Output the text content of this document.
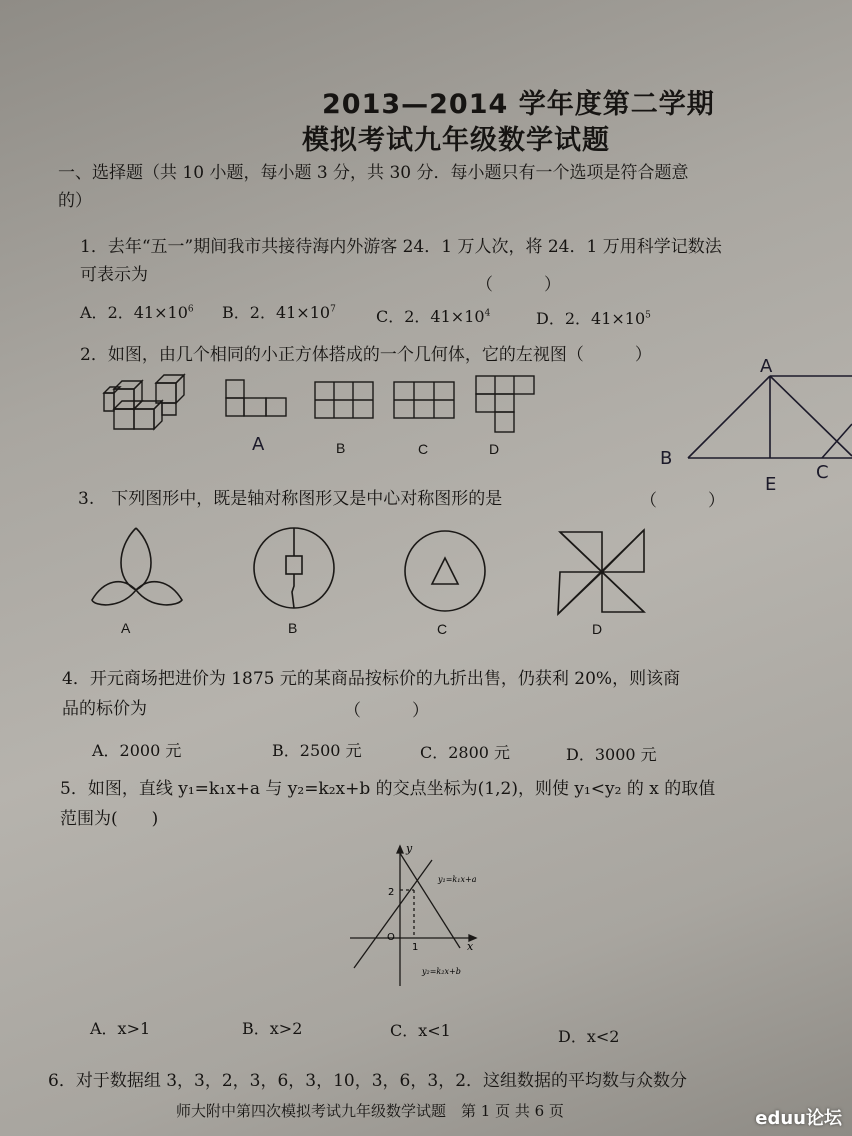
2013—2014 学年度第二学期
模拟考试九年级数学试题
一、选择题（共 10 小题，每小题 3 分，共 30 分．每小题只有一个选项是符合题意
的）
1．去年“五一”期间我市共接待海内外游客 24．1 万人次，将 24．1 万用科学记数法
可表示为	（　　　）
A．2．$41\times 10^6$ B．2．$41\times 10^7$	C．2．$41\times 10^4$	D．2．$41\times 10^5$
2．如图，由几个相同的小正方体搭成的一个几何体，它的左视图（　　　）
A	B	C	D
A
B
E
C
3.　下列图形中，既是轴对称图形又是中心对称图形的是	（　　　）
A	B	C	D
4．开元商场把进价为 1875 元的某商品按标价的九折出售，仍获利 20%，则该商
品的标价为	（　　　）
A．2000 元	B．2500 元	C．2800 元	D．3000 元
5．如图，直线 y₁=k₁x+a 与 y₂=k₂x+b 的交点坐标为(1,2)，则使 y₁<y₂ 的 x 的取值
范围为(　　)
y
x
O
1
2
y₁=k₁x+a
y₂=k₂x+b
A．x>1	B．x>2	C．x<1	D．x<2
6．对于数据组 3，3，2，3，6，3，10，3，6，3，2．这组数据的平均数与众数分
师大附中第四次模拟考试九年级数学试题　第 1 页 共 6 页	eduu论坛
